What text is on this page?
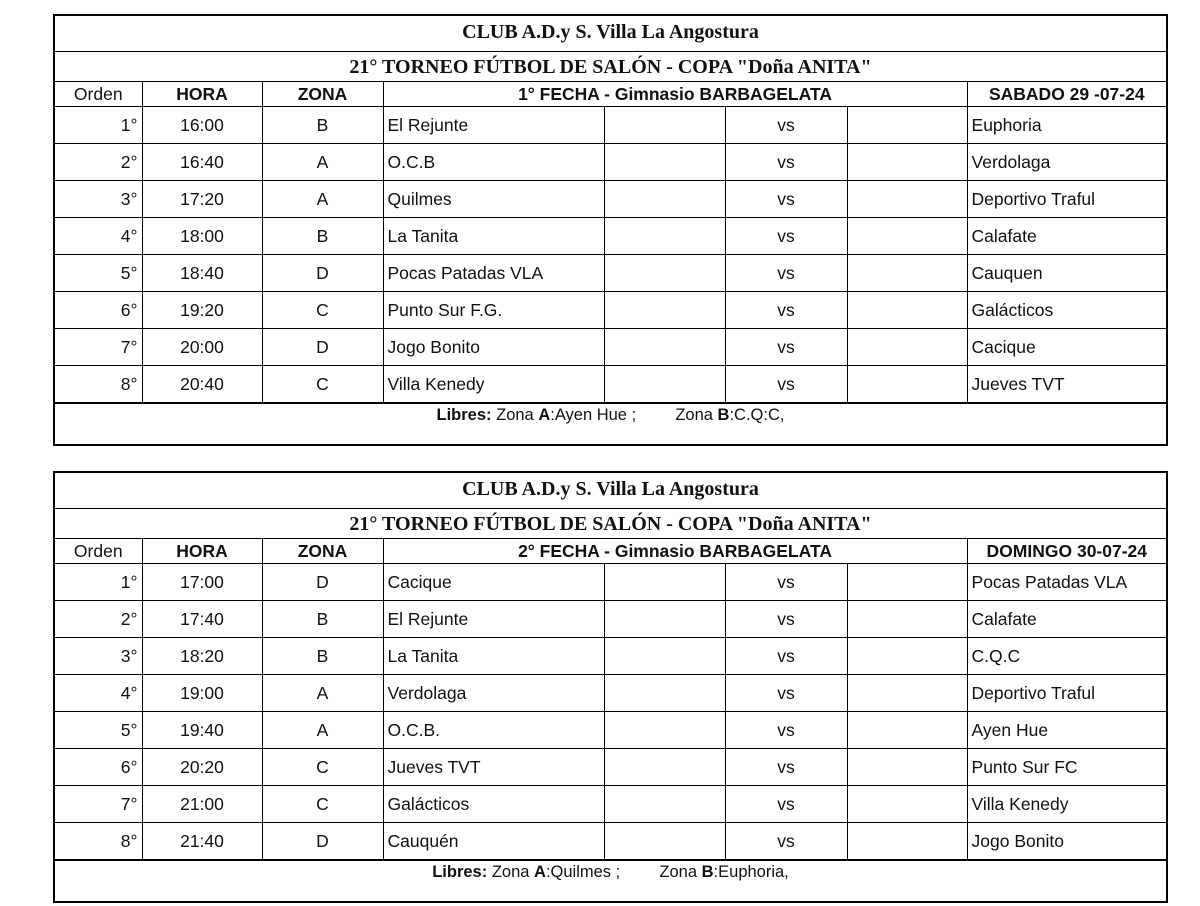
CLUB A.D.y S. Villa La Angostura
21° TORNEO FÚTBOL DE SALÓN - COPA "Doña ANITA"
Orden	HORA	ZONA	1° FECHA - Gimnasio BARBAGELATA				SABADO 29 -07-24
1°	16:00	B	El Rejunte		vs		Euphoria
2°	16:40	A	O.C.B		vs		Verdolaga
3°	17:20	A	Quilmes		vs		Deportivo Traful
4°	18:00	B	La Tanita		vs		Calafate
5°	18:40	D	Pocas Patadas VLA		vs		Cauquen
6°	19:20	C	Punto Sur F.G.		vs		Galácticos
7°	20:00	D	Jogo Bonito		vs		Cacique
8°	20:40	C	Villa Kenedy		vs		Jueves TVT
Libres: Zona A:Ayen Hue ; Zona B:C.Q:C,
CLUB A.D.y S. Villa La Angostura
21° TORNEO FÚTBOL DE SALÓN - COPA "Doña ANITA"
Orden	HORA	ZONA	2° FECHA - Gimnasio BARBAGELATA				DOMINGO 30-07-24
1°	17:00	D	Cacique		vs		Pocas Patadas VLA
2°	17:40	B	El Rejunte		vs		Calafate
3°	18:20	B	La Tanita		vs		C.Q.C
4°	19:00	A	Verdolaga		vs		Deportivo Traful
5°	19:40	A	O.C.B.		vs		Ayen Hue
6°	20:20	C	Jueves TVT		vs		Punto Sur FC
7°	21:00	C	Galácticos		vs		Villa Kenedy
8°	21:40	D	Cauquén		vs		Jogo Bonito
Libres: Zona A:Quilmes ; Zona B:Euphoria,
